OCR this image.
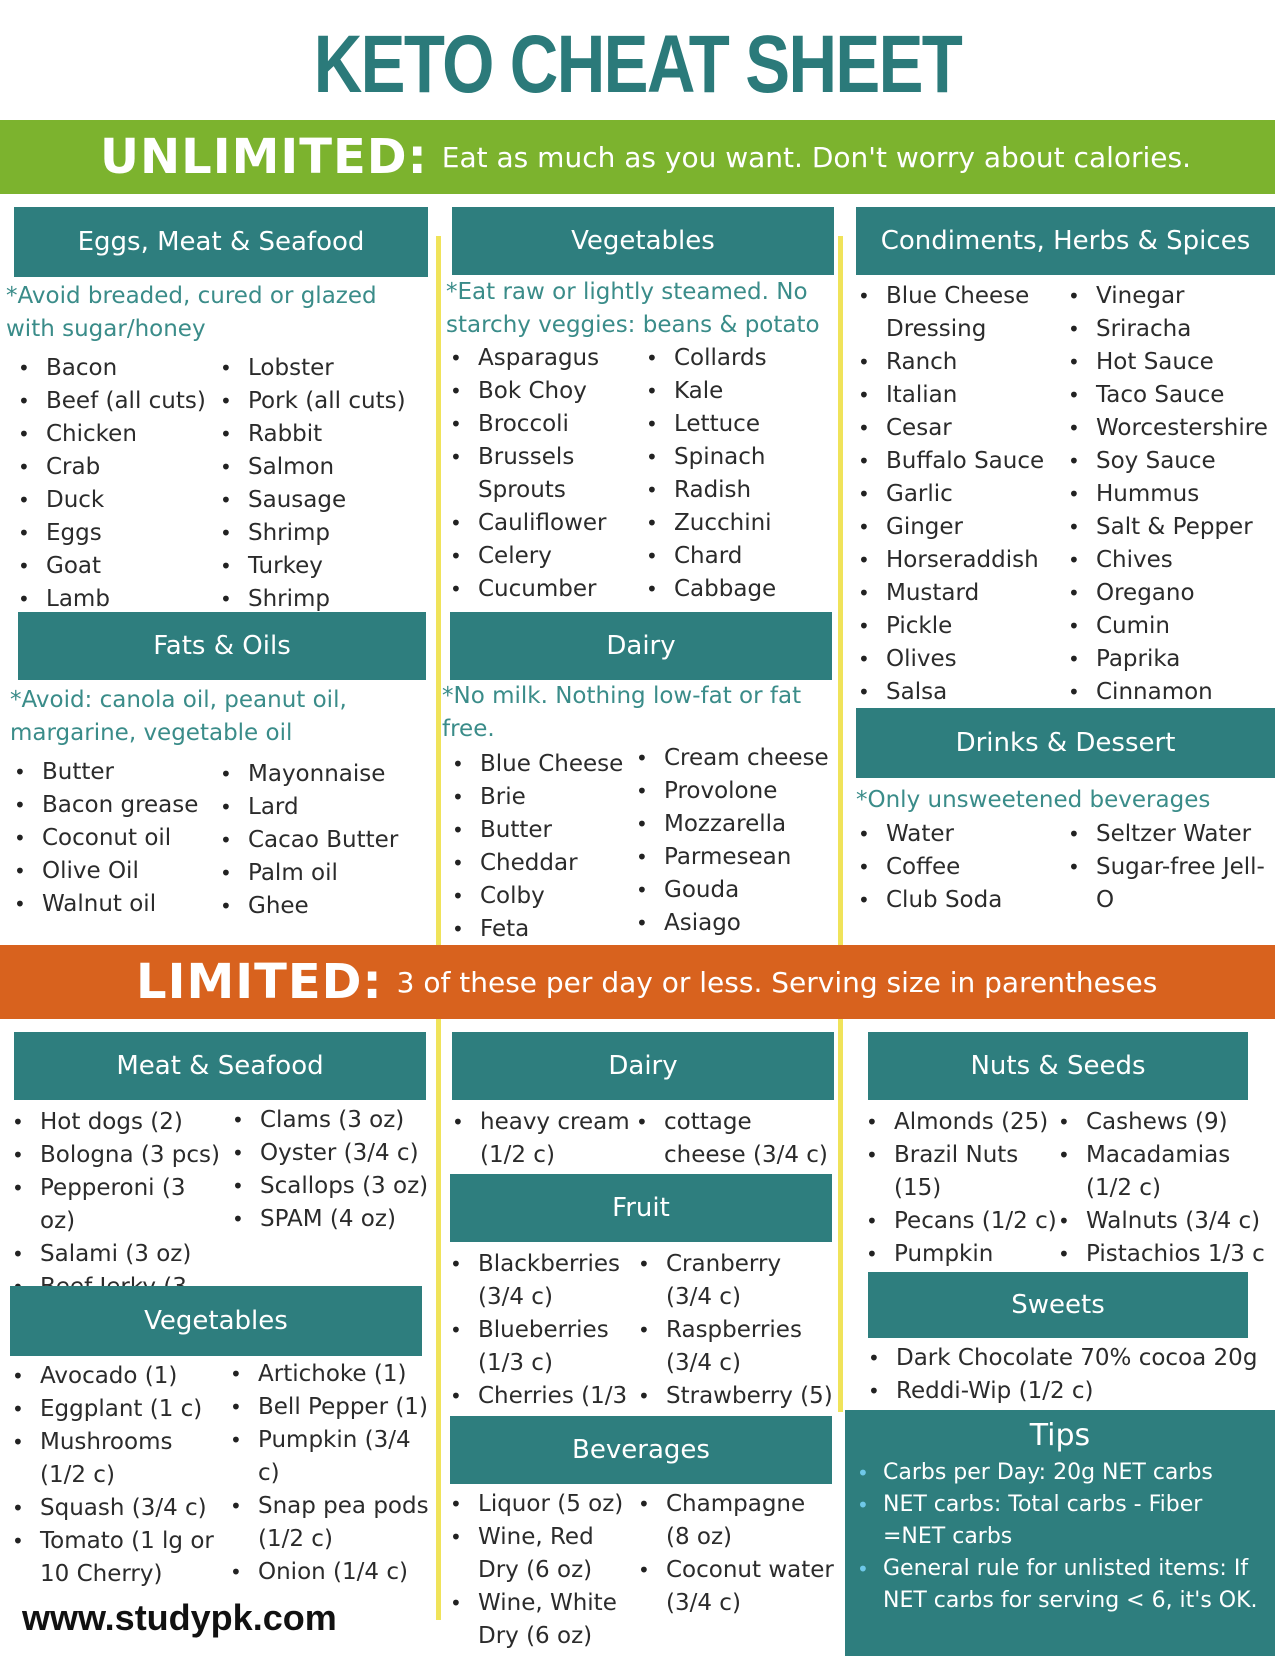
KETO CHEAT SHEET
UNLIMITED: Eat as much as you want. Don't worry about calories.
Eggs, Meat & Seafood
*Avoid breaded, cured or glazed with sugar/honey
• Bacon
• Beef (all cuts)
• Chicken
• Crab
• Duck
• Eggs
• Goat
• Lamb
• Lobster
• Pork (all cuts)
• Rabbit
• Salmon
• Sausage
• Shrimp
• Turkey
• Shrimp
Fats & Oils
*Avoid: canola oil, peanut oil, margarine, vegetable oil
• Butter
• Bacon grease
• Coconut oil
• Olive Oil
• Walnut oil
• Mayonnaise
• Lard
• Cacao Butter
• Palm oil
• Ghee
Vegetables
*Eat raw or lightly steamed. No starchy veggies: beans & potato
• Asparagus
• Bok Choy
• Broccoli
• Brussels Sprouts
• Cauliflower
• Celery
• Cucumber
• Collards
• Kale
• Lettuce
• Spinach
• Radish
• Zucchini
• Chard
• Cabbage
Dairy
*No milk. Nothing low-fat or fat free.
• Blue Cheese
• Brie
• Butter
• Cheddar
• Colby
• Feta
• Cream cheese
• Provolone
• Mozzarella
• Parmesean
• Gouda
• Asiago
Condiments, Herbs & Spices
• Blue Cheese Dressing
• Ranch
• Italian
• Cesar
• Buffalo Sauce
• Garlic
• Ginger
• Horseraddish
• Mustard
• Pickle
• Olives
• Salsa
• Vinegar
• Sriracha
• Hot Sauce
• Taco Sauce
• Worcestershire
• Soy Sauce
• Hummus
• Salt & Pepper
• Chives
• Oregano
• Cumin
• Paprika
• Cinnamon
Drinks & Dessert
*Only unsweetened beverages
• Water
• Coffee
• Club Soda
• Seltzer Water
• Sugar-free Jell-O
LIMITED: 3 of these per day or less. Serving size in parentheses
Meat & Seafood
• Hot dogs (2)
• Bologna (3 pcs)
• Pepperoni (3 oz)
• Salami (3 oz)
•
• Clams (3 oz)
• Oyster (3/4 c)
• Scallops (3 oz)
• SPAM (4 oz)
Vegetables
• Avocado (1)
• Eggplant (1 c)
• Mushrooms (1/2 c)
• Squash (3/4 c)
• Tomato (1 lg or 10 Cherry)
• Artichoke (1)
• Bell Pepper (1)
• Pumpkin (3/4 c)
• Snap pea pods (1/2 c)
• Onion (1/4 c)
Dairy
• heavy cream (1/2 c)
• cottage cheese (3/4 c)
Fruit
• Blackberries (3/4 c)
• Blueberries (1/3 c)
• Cherries (1/3
• Cranberry (3/4 c)
• Raspberries (3/4 c)
• Strawberry (5)
Beverages
• Liquor (5 oz)
• Wine, Red Dry (6 oz)
• Wine, White Dry (6 oz)
• Champagne (8 oz)
• Coconut water (3/4 c)
Nuts & Seeds
• Almonds (25)
• Brazil Nuts (15)
• Pecans (1/2 c)
• Pumpkin
• Cashews (9)
• Macadamias (1/2 c)
• Walnuts (3/4 c)
• Pistachios 1/3 c
Sweets
• Dark Chocolate 70% cocoa 20g
• Reddi-Wip (1/2 c)
Tips
• Carbs per Day: 20g NET carbs
• NET carbs: Total carbs - Fiber =NET carbs
• General rule for unlisted items: If NET carbs for serving < 6, it's OK.
www.studypk.com
